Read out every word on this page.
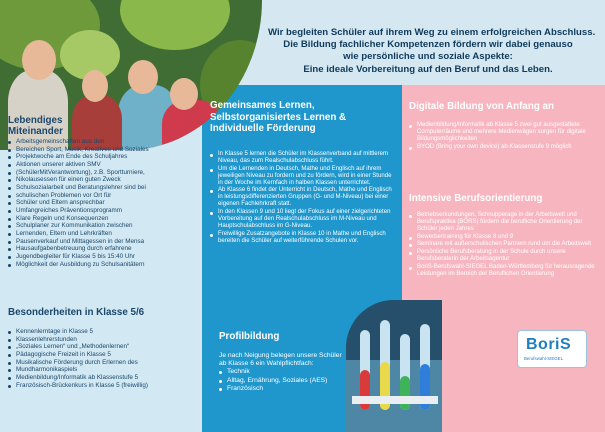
Wir begleiten Schüler auf ihrem Weg zu einem erfolgreichen Abschluss.
Die Bildung fachlicher Kompetenzen fördern wir dabei genauso
wie persönliche und soziale Aspekte:
Eine ideale Vorbereitung auf den Beruf und das Leben.
Lebendiges
Miteinander
Arbeitsgemeinschaften aus den
Bereichen Sport, Musik, Kreatives und Soziales
Projektwoche am Ende des Schuljahres
Aktionen unserer aktiven SMV
(SchülerMitVerantwortung), z.B. Sportturniere,
Nikolausessen für einen guten Zweck
Schulsozialarbeit und Beratungslehrer sind bei
schulischen Problemen vor Ort für
Schüler und Eltern ansprechbar
Umfangreiches Präventionsprogramm
Klare Regeln und Konsequenzen
Schulplaner zur Kommunikation zwischen
Lernenden, Eltern und Lehrkräften
Pausenverkauf und Mittagessen in der Mensa
Hausaufgabenbetreuung durch erfahrene
Jugendbegleiter für Klasse 5 bis 15:40 Uhr
Möglichkeit der Ausbildung zu Schulsanitätern
Besonderheiten in Klasse 5/6
Kennenlerntage in Klasse 5
Klassenlehrerstunden
„Soziales Lernen“ und „Methodenlernen“
Pädagogische Freizeit in Klasse 5
Musikalische Förderung durch Erlernen des
Mundharmonikaspiels
Medienbildung/Informatik ab Klassenstufe 5
Französisch-Brückenkurs in Klasse 5 (freiwillig)
Gemeinsames Lernen,
Selbstorganisiertes Lernen &
Individuelle Förderung
In Klasse 5 lernen die Schüler im Klassenverband auf mittlerem Niveau, das zum Realschulabschluss führt.
Um die Lernenden in Deutsch, Mathe und Englisch auf ihrem jeweiligen Niveau zu fordern und zu fördern, wird in einer Stunde in der Woche im Kernfach in halben Klassen unterrichtet.
Ab Klasse 6 findet der Unterricht in Deutsch, Mathe und Englisch in leistungsdifferenzierten Gruppen (G- und M-Niveau) bei einer eigenen Fachlehrkraft statt.
In den Klassen 9 und 10 liegt der Fokus auf einer zielgerichteten Vorbereitung auf den Realschulabschluss im M-Niveau und Hauptschulabschluss im G-Niveau.
Freiwillige Zusatzangebote in Klasse 10 in Mathe und Englisch bereiten die Schüler auf weiterführende Schulen vor.
Profilbildung
Je nach Neigung belegen unsere Schüler
ab Klasse 6 ein Wahlpflichtfach:
Technik
Alltag, Ernährung, Soziales (AES)
Französisch
Digitale Bildung von Anfang an
Medienbildung/Informatik ab Klasse 5 zwei gut ausgestattete Computerräume und mehrere Medienwägen sorgen für digitale Bildungsmöglichkeiten
BYOD (Bring your own device) ab Klassenstufe 9 möglich
Intensive Berufsorientierung
Betriebserkundungen, Schnupperage in der Arbeitswelt und Berufspraktika (BORS) fördern die berufliche Orientierung der Schüler jeden Jahres
Bewerbertraining für Klasse 8 und 9
Seminare mit außerschulischen Partnern rund um die Arbeitswelt
Persönliche Berufsberatung in der Schule durch unsere Berufsberaterin der Arbeitsagentur
BoriS-Berufswahl-SIEGEL Baden-Württemberg für herausragende Leistungen im Bereich der Beruflichen Orientierung
BoriS
Berufswahl-SIEGEL
